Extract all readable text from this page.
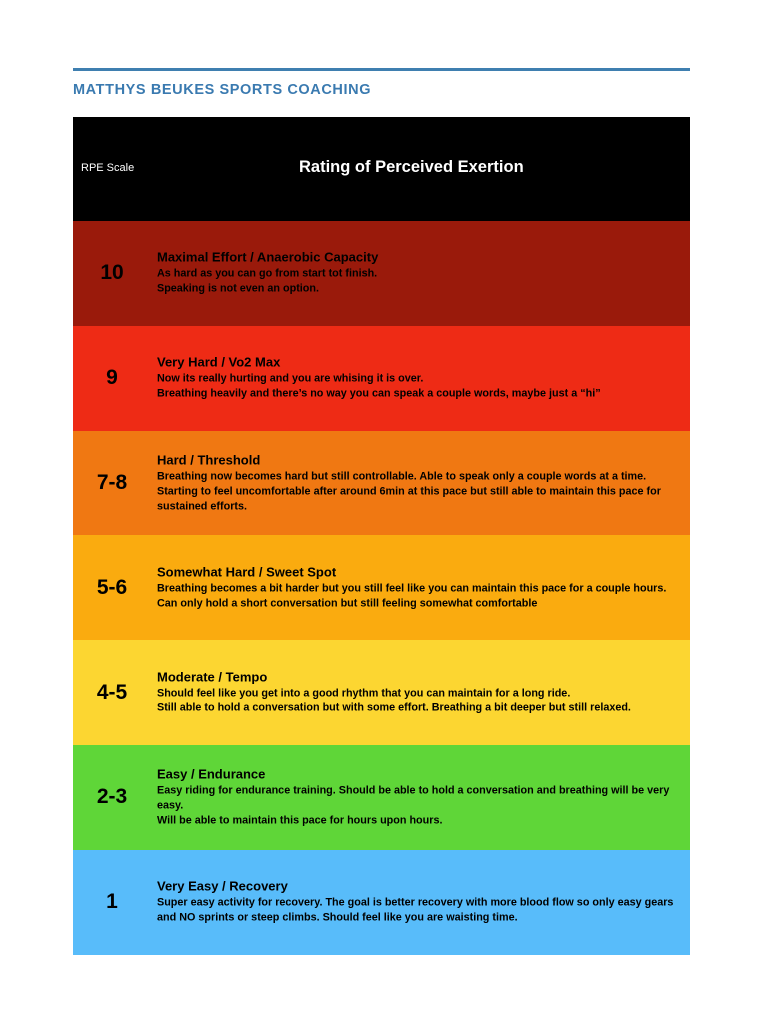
MATTHYS BEUKES SPORTS COACHING
RPE Scale	Rating of Perceived Exertion
10
Maximal Effort / Anaerobic Capacity
As hard as you can go from start tot finish.
Speaking is not even an option.
9
Very Hard / Vo2 Max
Now its really hurting and you are whising it is over.
Breathing heavily and there’s no way you can speak a couple words, maybe just a “hi”
7-8
Hard / Threshold
Breathing now becomes hard but still controllable. Able to speak only a couple words at a time. Starting to feel uncomfortable after around 6min at this pace but still able to maintain this pace for sustained efforts.
5-6
Somewhat Hard / Sweet Spot
Breathing becomes a bit harder but you still feel like you can maintain this pace for a couple hours. Can only hold a short conversation but still feeling somewhat comfortable
4-5
Moderate / Tempo
Should feel like you get into a good rhythm that you can maintain for a long ride.
Still able to hold a conversation but with some effort. Breathing a bit deeper but still relaxed.
2-3
Easy / Endurance
Easy riding for endurance training. Should be able to hold a conversation and breathing will be very easy.
Will be able to maintain this pace for hours upon hours.
1
Very Easy / Recovery
Super easy activity for recovery. The goal is better recovery with more blood flow so only easy gears and NO sprints or steep climbs. Should feel like you are waisting time.
